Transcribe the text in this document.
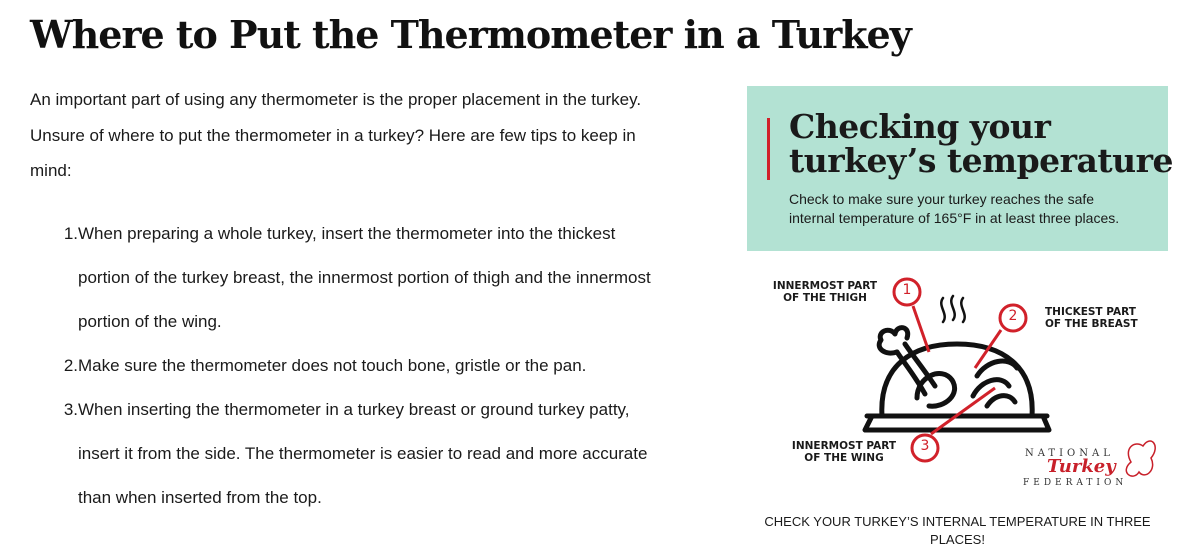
Where to Put the Thermometer in a Turkey

An important part of using any thermometer is the proper placement in the turkey.
Unsure of where to put the thermometer in a turkey? Here are few tips to keep in
mind:

1. When preparing a whole turkey, insert the thermometer into the thickest
portion of the turkey breast, the innermost portion of thigh and the innermost
portion of the wing.
2. Make sure the thermometer does not touch bone, gristle or the pan.
3. When inserting the thermometer in a turkey breast or ground turkey patty,
insert it from the side. The thermometer is easier to read and more accurate
than when inserted from the top.
Checking your
turkey’s temperature

Check to make sure your turkey reaches the safe
internal temperature of 165°F in at least three places.

1
2
3
INNERMOST PART
OF THE THIGH
THICKEST PART
OF THE BREAST
INNERMOST PART
OF THE WING	NATIONAL
Turkey
FEDERATION

CHECK YOUR TURKEY’S INTERNAL TEMPERATURE IN THREE
PLACES!
